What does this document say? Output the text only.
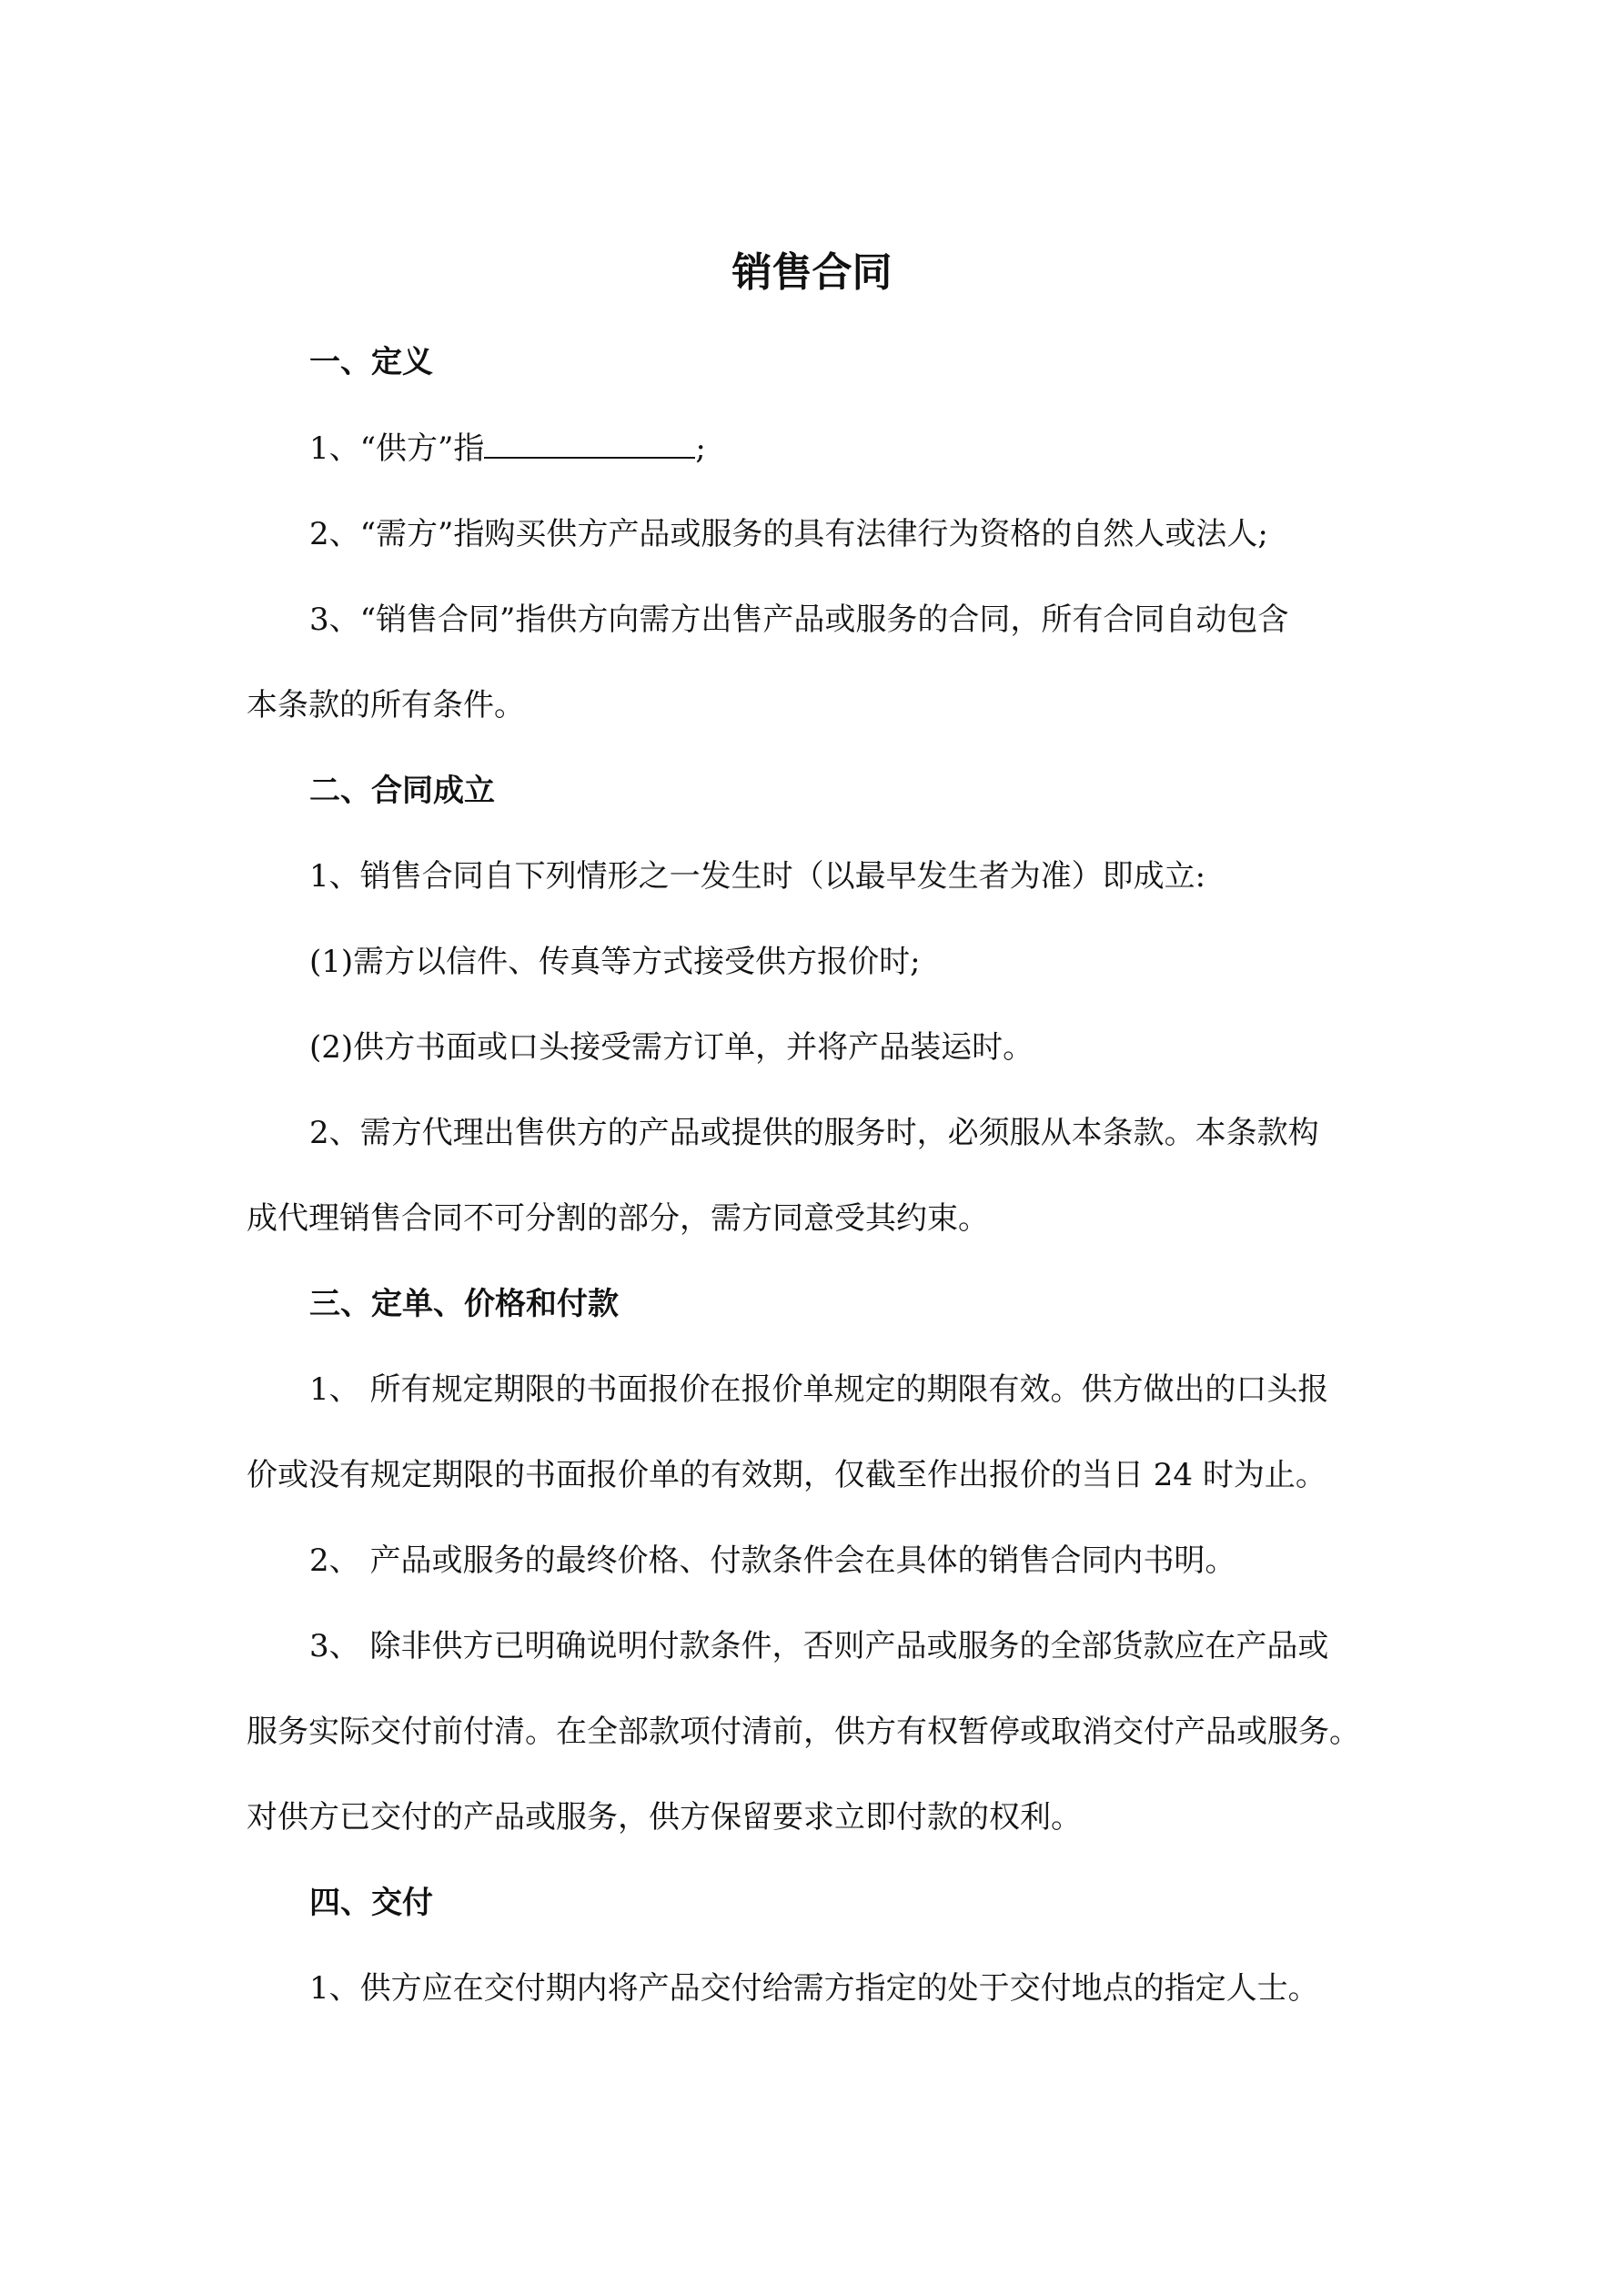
销售合同

一、定义

1、“供方”指	;

2、“需方”指购买供方产品或服务的具有法律行为资格的自然人或法人;

3、“销售合同”指供方向需方出售产品或服务的合同，所有合同自动包含

本条款的所有条件。

二、合同成立

1、销售合同自下列情形之一发生时（以最早发生者为准）即成立:

(1)需方以信件、传真等方式接受供方报价时;

(2)供方书面或口头接受需方订单，并将产品装运时。

2、需方代理出售供方的产品或提供的服务时，必须服从本条款。本条款构

成代理销售合同不可分割的部分，需方同意受其约束。

三、定单、价格和付款

1、 所有规定期限的书面报价在报价单规定的期限有效。供方做出的口头报

价或没有规定期限的书面报价单的有效期，仅截至作出报价的当日 24 时为止。

2、 产品或服务的最终价格、付款条件会在具体的销售合同内书明。

3、 除非供方已明确说明付款条件，否则产品或服务的全部货款应在产品或

服务实际交付前付清。在全部款项付清前，供方有权暂停或取消交付产品或服务。

对供方已交付的产品或服务，供方保留要求立即付款的权利。

四、交付

1、供方应在交付期内将产品交付给需方指定的处于交付地点的指定人士。
